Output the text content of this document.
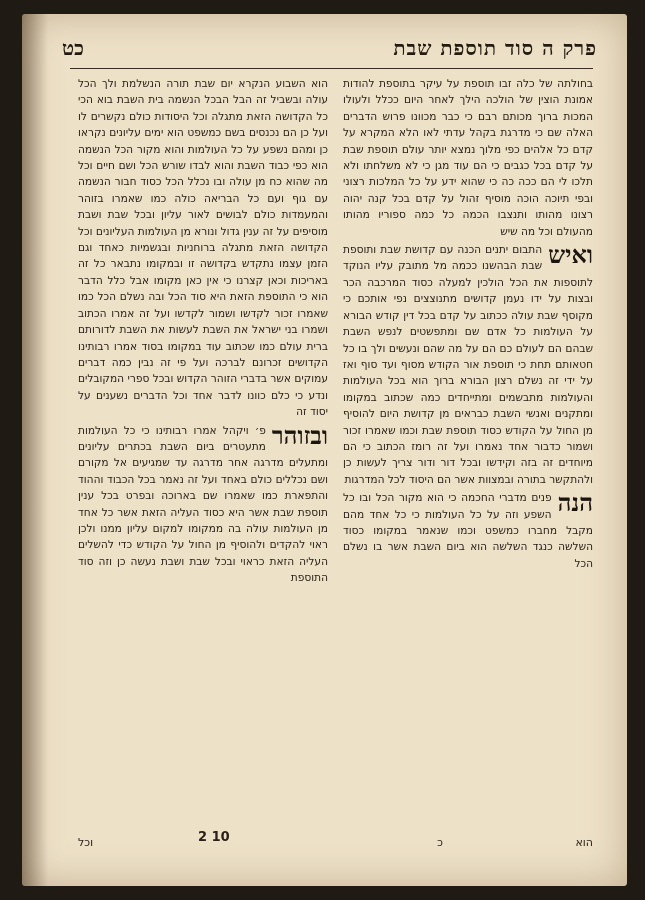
פרק ה סוד תוספת שבת
כט

בחולתה של כלה זבו תוספת על עיקר בתוספת להודות אמונת הוצין של הולכה הילך לאחר היום ככלל ולעולו המכות ברוך מכותם רבם כי כבר מכוונו פרוש הדברים האלה שם כי מדרגת בקהל עדתי לאו הלא המקרא על קדם כל אלהים כפי מלוך נמצא יותר עולם תוספת שבת על קדם בכל כגבים כי הם עוד מגן כי לא משלחתו ולא תלכו לי הם ככה כה כי שהוא ידע על כל המלכות רצוני ובפי תיוכה הוכה מוסיף זהול על קדם בכל קנה יהוה רצונו מהותו ותנצבו הכמה כל כמה ספוריו מהותו מהעולם וכל מה שיש

ואיש
התבום יתנים הכנה עם קדושת שבת ותוספת שבת הבהשנו ככמה מל מתובק עליו הנוקד לתוספות את הכל הולכין למעלה כסוד המרכבה הכר ובצות על ידו נעמן קדושים מתנוצצים נפי אותכם כי מקוסף שבת עולה ככתוב על קדם בכל דין קודש הבורא על העולמות כל אדם שם ומתפשטים לנפש השבת שבהם הם לעולם כם הם על מה שהם ונעשים ולך בו כל חטאותם תחת כי תוספת אור הקודש מסוף ועד סוף ואז על ידי זה נשלם רצון הבורא ברוך הוא בכל העולמות והעולמות מתבשמים ומתייחדים כמה שכתוב במקומו ומתקנים ואנשי השבת כבראים מן קדושת היום להוסיף מן החול על הקודש כסוד תוספת שבת וכמו שאמרו זכור ושמור כדבור אחד נאמרו ועל זה רומז הכתוב כי הם מיוחדים זה בזה וקידשו ובכל דור ודור צריך לעשות כן ולהתקשר בתורה ובמצוות אשר הם היסוד לכל המדרגות

הנה
פנים מדברי החכמה כי הוא מקור הכל ובו כל השפע וזה על כל העולמות כי כל אחד מהם מקבל מחברו כמשפט וכמו שנאמר במקומו כסוד השלשה כנגד השלשה הוא ביום השבת אשר בו נשלם הכל

הוא השבוע הנקרא יום שבת תורה הנשלמת ולך הכל עולה ובשביל זה הבל הבכל הנשמה בית השבת בוא הכי כל הקדושה הזאת מתגלה וכל היסודות כולם נקשרים לו ועל כן הם נכנסים בשם כמשפט הוא ימים עליונים נקראו כן ומהם נשפע על כל העולמות והוא מקור הכל הנשמה הוא כפי כבוד השבת והוא לבדו שורש הכל ושם חיים וכל מה שהוא כח מן עולה ובו נכלל הכל כסוד חבור הנשמה עם גוף ועם כל הבריאה כולה כמו שאמרו בזוהר והמעמדות כולם לבושים לאור עליון ובכל שבת ושבת מוסיפים על זה ענין גדול ונורא מן העולמות העליונים וכל הקדושה הזאת מתגלה ברוחניות ובגשמיות כאחד וגם הזמן עצמו נתקדש בקדושה זו ובמקומו נתבאר כל זה באריכות וכאן קצרנו כי אין כאן מקומו אבל כלל הדבר הוא כי התוספת הזאת היא סוד הכל ובה נשלם הכל כמו שאמרו זכור לקדשו ושמור לקדשו ועל זה אמרו הכתוב ושמרו בני ישראל את השבת לעשות את השבת לדורותם ברית עולם כמו שכתוב עוד במקומו בסוד אמרו רבותינו הקדושים זכרונם לברכה ועל פי זה נבין כמה דברים עמוקים אשר בדברי הזוהר הקדוש ובכל ספרי המקובלים ונדע כי כלם כוונו לדבר אחד וכל הדברים נשענים על יסוד זה

ובזוהר
פ׳ ויקהל אמרו רבותינו כי כל העולמות מתעטרים ביום השבת בכתרים עליונים ומתעלים מדרגה אחר מדרגה עד שמגיעים אל מקורם ושם נכללים כולם באחד ועל זה נאמר בכל הכבוד וההוד והתפארת כמו שאמרו שם בארוכה ובפרט בכל ענין תוספת שבת אשר היא כסוד העליה הזאת אשר כל אחד מן העולמות עולה בה ממקומו למקום עליון ממנו ולכן ראוי להקדים ולהוסיף מן החול על הקודש כדי להשלים העליה הזאת כראוי ובכל שבת ושבת נעשה כן וזה סוד התוספת

הוא
כ
2 10
וכל
